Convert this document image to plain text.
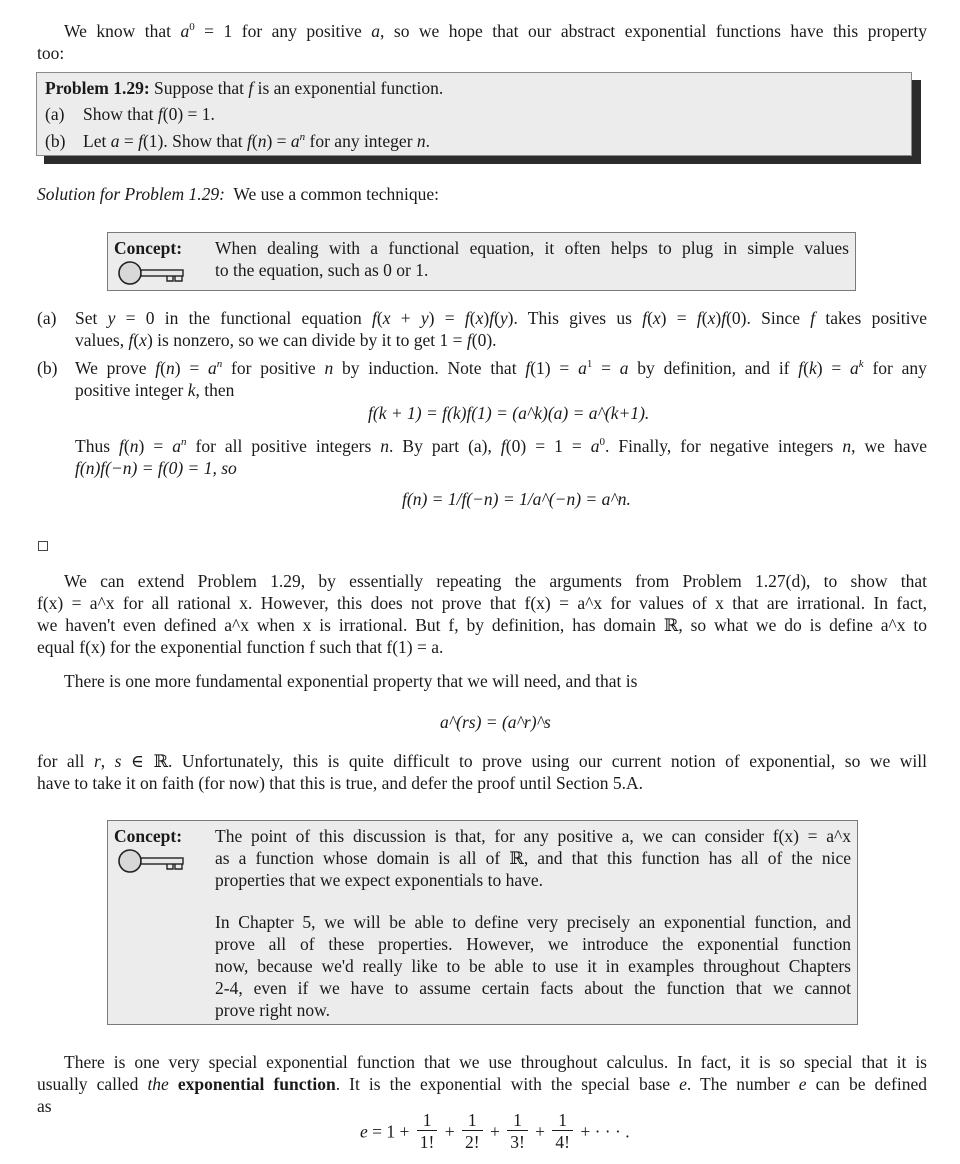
We know that $a^0 = 1$ for any positive a, so we hope that our abstract exponential functions have this property
too:
Problem 1.29: Suppose that f is an exponential function.
(a) Show that f(0) = 1.
(b) Let a = f(1). Show that $f(n) = a^n$ for any integer n.
Solution for Problem 1.29:  We use a common technique:
Concept: When dealing with a functional equation, it often helps to plug in simple values
to the equation, such as 0 or 1.
(a) Set y = 0 in the functional equation f(x + y) = f(x)f(y). This gives us f(x) = f(x)f(0). Since f takes positive
values, f(x) is nonzero, so we can divide by it to get 1 = f(0).
(b) We prove $f(n) = a^n$ for positive n by induction. Note that $f(1) = a^1 = a$ by definition, and if $f(k) = a^k$ for any
positive integer k, then
f(k + 1) = f(k)f(1) = (a^k)(a) = a^(k+1).
Thus $f(n) = a^n$ for all positive integers n. By part (a), $f(0) = 1 = a^0$. Finally, for negative integers n, we have
f(n)f(−n) = f(0) = 1, so
f(n) = 1/f(−n) = 1/a^(−n) = a^n.
We can extend Problem 1.29, by essentially repeating the arguments from Problem 1.27(d), to show that
f(x) = a^x for all rational x. However, this does not prove that f(x) = a^x for values of x that are irrational. In fact,
we haven't even defined a^x when x is irrational. But f, by definition, has domain ℝ, so what we do is define a^x to
equal f(x) for the exponential function f such that f(1) = a.
There is one more fundamental exponential property that we will need, and that is
a^(rs) = (a^r)^s
for all r, s ∈ ℝ. Unfortunately, this is quite difficult to prove using our current notion of exponential, so we will
have to take it on faith (for now) that this is true, and defer the proof until Section 5.A.
Concept: The point of this discussion is that, for any positive a, we can consider f(x) = a^x
as a function whose domain is all of ℝ, and that this function has all of the nice
properties that we expect exponentials to have.
In Chapter 5, we will be able to define very precisely an exponential function, and
prove all of these properties. However, we introduce the exponential function
now, because we'd really like to be able to use it in examples throughout Chapters
2-4, even if we have to assume certain facts about the function that we cannot
prove right now.
There is one very special exponential function that we use throughout calculus. In fact, it is so special that it is
usually called the exponential function. It is the exponential with the special base e. The number e can be defined
as
$e = 1 + \frac{1}{1!} + \frac{1}{2!} + \frac{1}{3!} + \frac{1}{4!}$ + · · · .
